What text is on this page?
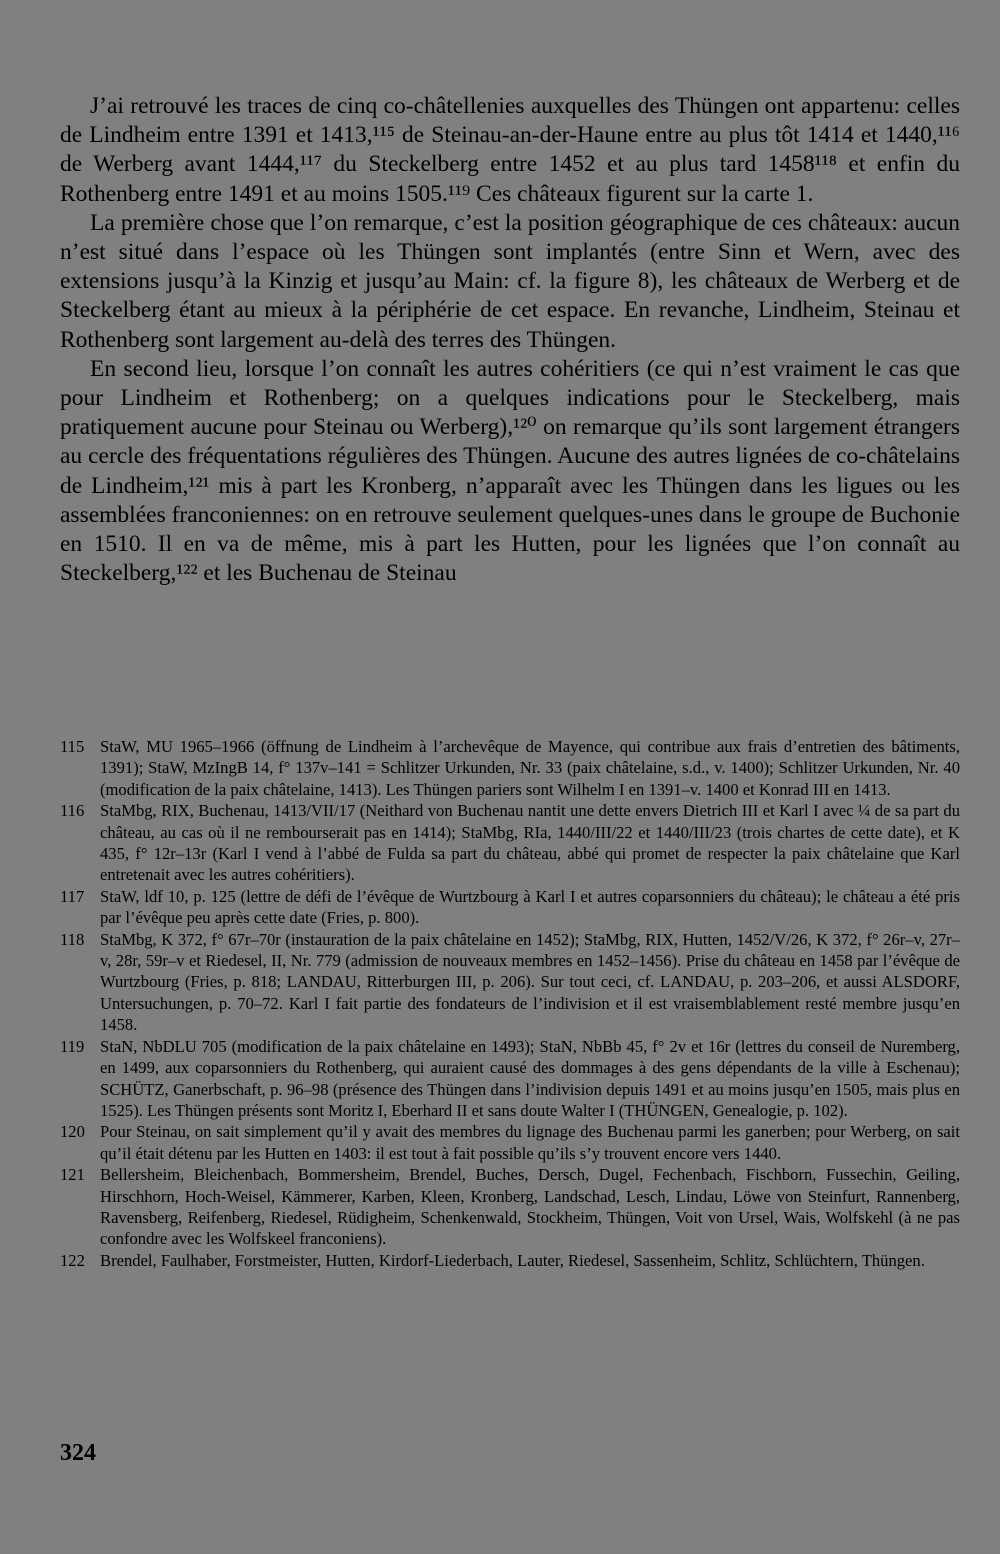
J’ai retrouvé les traces de cinq co-châtellenies auxquelles des Thüngen ont appartenu: celles de Lindheim entre 1391 et 1413,¹¹⁵ de Steinau-an-der-Haune entre au plus tôt 1414 et 1440,¹¹⁶ de Werberg avant 1444,¹¹⁷ du Steckelberg entre 1452 et au plus tard 1458¹¹⁸ et enfin du Rothenberg entre 1491 et au moins 1505.¹¹⁹ Ces châteaux figurent sur la carte 1.

La première chose que l’on remarque, c’est la position géographique de ces châteaux: aucun n’est situé dans l’espace où les Thüngen sont implantés (entre Sinn et Wern, avec des extensions jusqu’à la Kinzig et jusqu’au Main: cf. la figure 8), les châteaux de Werberg et de Steckelberg étant au mieux à la périphérie de cet espace. En revanche, Lindheim, Steinau et Rothenberg sont largement au-delà des terres des Thüngen.

En second lieu, lorsque l’on connaît les autres cohéritiers (ce qui n’est vraiment le cas que pour Lindheim et Rothenberg; on a quelques indications pour le Steckelberg, mais pratiquement aucune pour Steinau ou Werberg),¹²⁰ on remarque qu’ils sont largement étrangers au cercle des fréquentations régulières des Thüngen. Aucune des autres lignées de co-châtelains de Lindheim,¹²¹ mis à part les Kronberg, n’apparaît avec les Thüngen dans les ligues ou les assemblées franconiennes: on en retrouve seulement quelques-unes dans le groupe de Buchonie en 1510. Il en va de même, mis à part les Hutten, pour les lignées que l’on connaît au Steckelberg,¹²² et les Buchenau de Steinau

115 StaW, MU 1965–1966 (öffnung de Lindheim à l’archevêque de Mayence, qui contribue aux frais d’entretien des bâtiments, 1391); StaW, MzIngB 14, f° 137v–141 = Schlitzer Urkunden, Nr. 33 (paix châtelaine, s.d., v. 1400); Schlitzer Urkunden, Nr. 40 (modification de la paix châtelaine, 1413). Les Thüngen pariers sont Wilhelm I en 1391–v. 1400 et Konrad III en 1413.
116 StaMbg, RIX, Buchenau, 1413/VII/17 (Neithard von Buchenau nantit une dette envers Dietrich III et Karl I avec ¼ de sa part du château, au cas où il ne rembourserait pas en 1414); StaMbg, RIa, 1440/III/22 et 1440/III/23 (trois chartes de cette date), et K 435, f° 12r–13r (Karl I vend à l’abbé de Fulda sa part du château, abbé qui promet de respecter la paix châtelaine que Karl entretenait avec les autres cohéritiers).
117 StaW, ldf 10, p. 125 (lettre de défi de l’évêque de Wurtzbourg à Karl I et autres coparsonniers du château); le château a été pris par l’évêque peu après cette date (Fries, p. 800).
118 StaMbg, K 372, f° 67r–70r (instauration de la paix châtelaine en 1452); StaMbg, RIX, Hutten, 1452/V/26, K 372, f° 26r–v, 27r–v, 28r, 59r–v et Riedesel, II, Nr. 779 (admission de nouveaux membres en 1452–1456). Prise du château en 1458 par l’évêque de Wurtzbourg (Fries, p. 818; LANDAU, Ritterburgen III, p. 206). Sur tout ceci, cf. LANDAU, p. 203–206, et aussi ALSDORF, Untersuchungen, p. 70–72. Karl I fait partie des fondateurs de l’indivision et il est vraisemblablement resté membre jusqu’en 1458.
119 StaN, NbDLU 705 (modification de la paix châtelaine en 1493); StaN, NbBb 45, f° 2v et 16r (lettres du conseil de Nuremberg, en 1499, aux coparsonniers du Rothenberg, qui auraient causé des dommages à des gens dépendants de la ville à Eschenau); SCHÜTZ, Ganerbschaft, p. 96–98 (présence des Thüngen dans l’indivision depuis 1491 et au moins jusqu’en 1505, mais plus en 1525). Les Thüngen présents sont Moritz I, Eberhard II et sans doute Walter I (THÜNGEN, Genealogie, p. 102).
120 Pour Steinau, on sait simplement qu’il y avait des membres du lignage des Buchenau parmi les ganerben; pour Werberg, on sait qu’il était détenu par les Hutten en 1403: il est tout à fait possible qu’ils s’y trouvent encore vers 1440.
121 Bellersheim, Bleichenbach, Bommersheim, Brendel, Buches, Dersch, Dugel, Fechenbach, Fischborn, Fussechin, Geiling, Hirschhorn, Hoch-Weisel, Kämmerer, Karben, Kleen, Kronberg, Landschad, Lesch, Lindau, Löwe von Steinfurt, Rannenberg, Ravensberg, Reifenberg, Riedesel, Rüdigheim, Schenkenwald, Stockheim, Thüngen, Voit von Ursel, Wais, Wolfskehl (à ne pas confondre avec les Wolfskeel franconiens).
122 Brendel, Faulhaber, Forstmeister, Hutten, Kirdorf-Liederbach, Lauter, Riedesel, Sassenheim, Schlitz, Schlüchtern, Thüngen.
324
